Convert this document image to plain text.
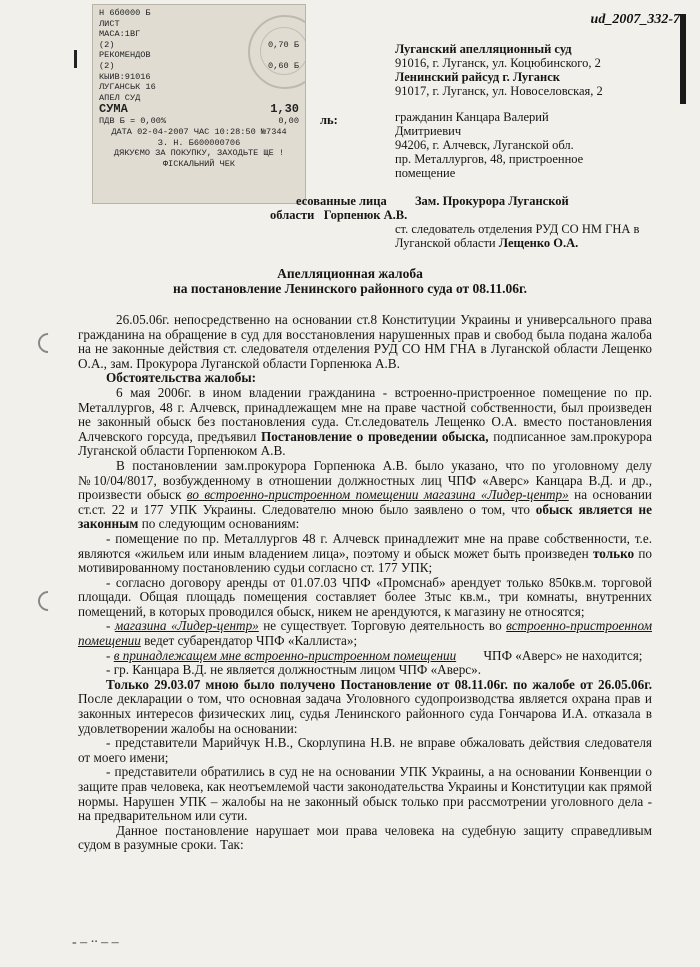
ud_2007_332-7
H 6б0000 Б
ЛИСТ
МАСА:1ВГ
(2)	0,70 Б
РЕКОМЕНДОВ
(2)	0,60 Б
КЫИВ:91016
ЛУГАНСЬК 16
АПЕЛ СУД
СУМА	1,30
ПДВ Б = 0,00%	0,00
ДАТА 02-04-2007 ЧАС 10:28:50 №7344
З. Н. Б600000706
ДЯКУЄМО ЗА ПОКУПКУ, ЗАХОДЬТЕ ЩЕ !
ФІСКАЛЬНИЙ ЧЕК
Луганский апелляционный суд
91016, г. Луганск, ул. Коцюбинского, 2
Ленинский райсуд г. Луганск
91017, г. Луганск, ул. Новоселовская, 2
ль:	гражданин Канцара Валерий
Дмитриевич
94206, г. Алчевск, Луганской обл.
пр. Металлургов, 48, пристроенное
помещение
есованные лица Зам. Прокурора Луганской
области   Горпенюк А.В.
ст. следователь отделения РУД СО НМ ГНА в
Луганской области Лещенко О.А.
Апелляционная жалоба
на постановление Ленинского районного суда от 08.11.06г.

26.05.06г. непосредственно на основании ст.8 Конституции Украины и универсального права гражданина на обращение в суд для восстановления нарушенных прав и свобод была подана жалоба на не законные действия ст. следователя отделения РУД СО НМ ГНА в Луганской области Лещенко О.А., зам. Прокурора Луганской области Горпенюка А.В.

Обстоятельства жалобы:

6 мая 2006г. в ином владении гражданина - встроенно-пристроенное помещение по пр. Металлургов, 48 г. Алчевск, принадлежащем мне на праве частной собственности, был произведен не законный обыск без постановления суда. Ст.следователь Лещенко О.А. вместо постановления Алчевского горсуда, предъявил Постановление о проведении обыска, подписанное зам.прокурора Луганской области Горпенюком А.В.

В постановлении зам.прокурора Горпенюка А.В. было указано, что по уголовному делу №10/04/8017, возбужденному в отношении должностных лиц ЧПФ «Аверс» Канцара В.Д. и др., произвести обыск во встроенно-пристроенном помещении магазина «Лидер-центр» на основании ст.ст. 22 и 177 УПК Украины. Следователю мною было заявлено о том, что обыск является не законным по следующим основаниям:

- помещение по пр. Металлургов 48 г. Алчевск принадлежит мне на праве собственности, т.е. являются «жильем или иным владением лица», поэтому и обыск может быть произведен только по мотивированному постановлению судьи согласно ст. 177 УПК;

- согласно договору аренды от 01.07.03 ЧПФ «Промснаб» арендует только 850кв.м. торговой площади. Общая площадь помещения составляет более 3тыс кв.м., три комнаты, внутренних помещений, в которых проводился обыск, никем не арендуются, к магазину не относятся;

- магазина «Лидер-центр» не существует. Торговую деятельность во встроенно-пристроенном помещении ведет субарендатор ЧПФ «Каллиста»;

- в принадлежащем мне встроенно-пристроенном помещении ЧПФ «Аверс» не находится;

- гр. Канцара В.Д. не является должностным лицом ЧПФ «Аверс».

Только 29.03.07 мною было получено Постановление от 08.11.06г. по жалобе от 26.05.06г. После декларации о том, что основная задача Уголовного судопроизводства является охрана прав и законных интересов физических лиц, судья Ленинского районного суда Гончарова И.А. отказала в удовлетворении жалобы на основании:

- представители Марийчук Н.В., Скорлупина Н.В. не вправе обжаловать действия следователя от моего имени;

- представители обратились в суд не на основании УПК Украины, а на основании Конвенции о защите прав человека, как неотъемлемой части законодательства Украины и Конституции как прямой нормы. Нарушен УПК – жалобы на не законный обыск только при рассмотрении уголовного дела - на предварительном или сути.

Данное постановление нарушает мои права человека на судебную защиту справедливым судом в разумные сроки. Так:

- – ·· – –
